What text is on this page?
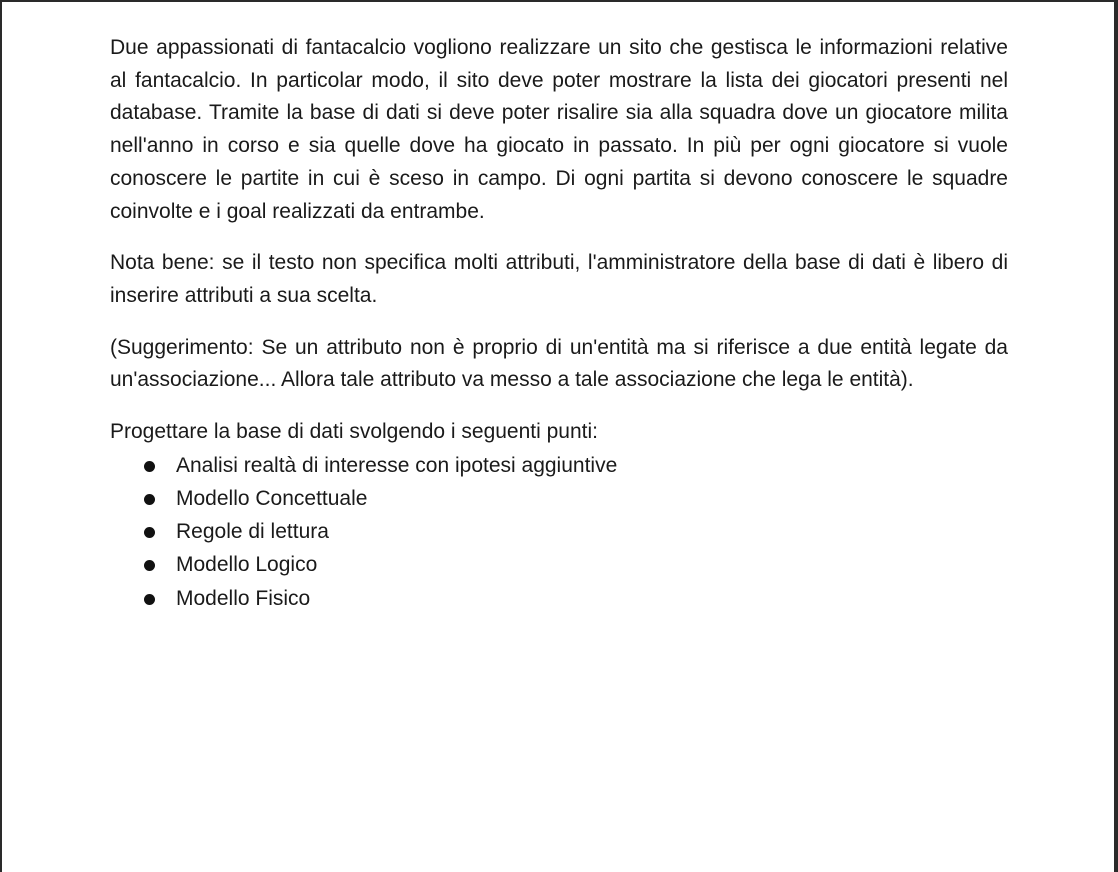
Due appassionati di fantacalcio vogliono realizzare un sito che gestisca le informazioni relative al fantacalcio. In particolar modo, il sito deve poter mostrare la lista dei giocatori presenti nel database. Tramite la base di dati si deve poter risalire sia alla squadra dove un giocatore milita nell'anno in corso e sia quelle dove ha giocato in passato. In più per ogni giocatore si vuole conoscere le partite in cui è sceso in campo. Di ogni partita si devono conoscere le squadre coinvolte e i goal realizzati da entrambe.

Nota bene: se il testo non specifica molti attributi, l'amministratore della base di dati è libero di inserire attributi a sua scelta.

(Suggerimento: Se un attributo non è proprio di un'entità ma si riferisce a due entità legate da un'associazione... Allora tale attributo va messo a tale associazione che lega le entità).

Progettare la base di dati svolgendo i seguenti punti:

Analisi realtà di interesse con ipotesi aggiuntive
Modello Concettuale
Regole di lettura
Modello Logico
Modello Fisico
